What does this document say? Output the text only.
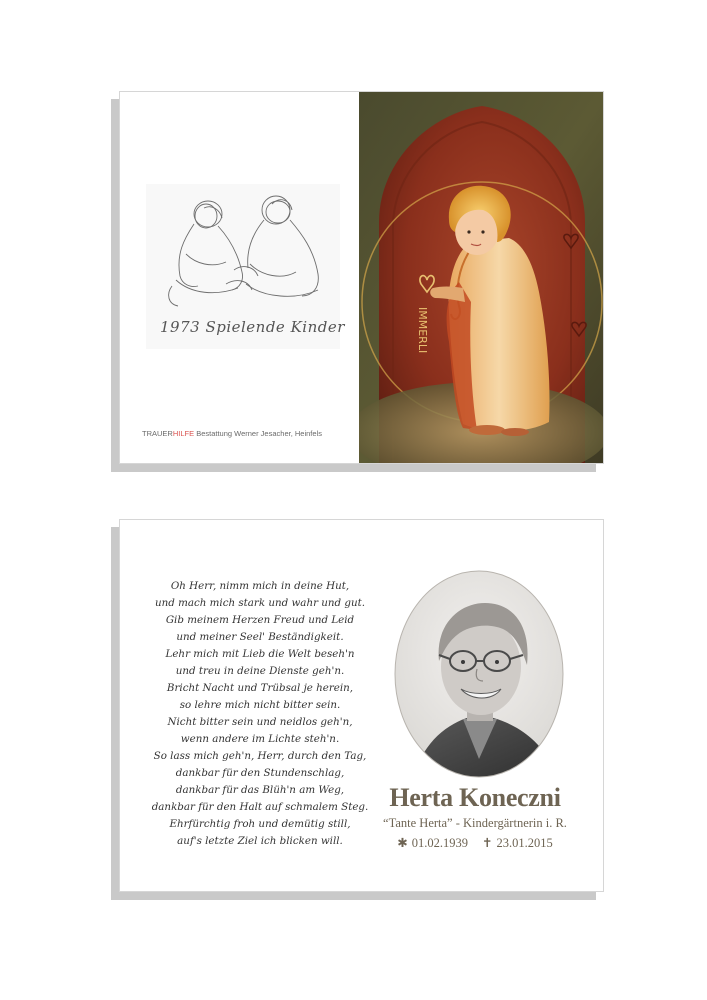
1973 Spielende Kinder
TRAUERHILFE Bestattung Werner Jesacher, Heinfels
IMMERLI
Oh Herr, nimm mich in deine Hut,
und mach mich stark und wahr und gut.
Gib meinem Herzen Freud und Leid
und meiner Seel' Beständigkeit.
Lehr mich mit Lieb die Welt beseh'n
und treu in deine Dienste geh'n.
Bricht Nacht und Trübsal je herein,
so lehre mich nicht bitter sein.
Nicht bitter sein und neidlos geh'n,
wenn andere im Lichte steh'n.
So lass mich geh'n, Herr, durch den Tag,
dankbar für den Stundenschlag,
dankbar für das Blüh'n am Weg,
dankbar für den Halt auf schmalem Steg.
Ehrfürchtig froh und demütig still,
auf's letzte Ziel ich blicken will.
Herta Koneczni
“Tante Herta” - Kindergärtnerin i. R.
✱ 01.02.1939 ✝ 23.01.2015
